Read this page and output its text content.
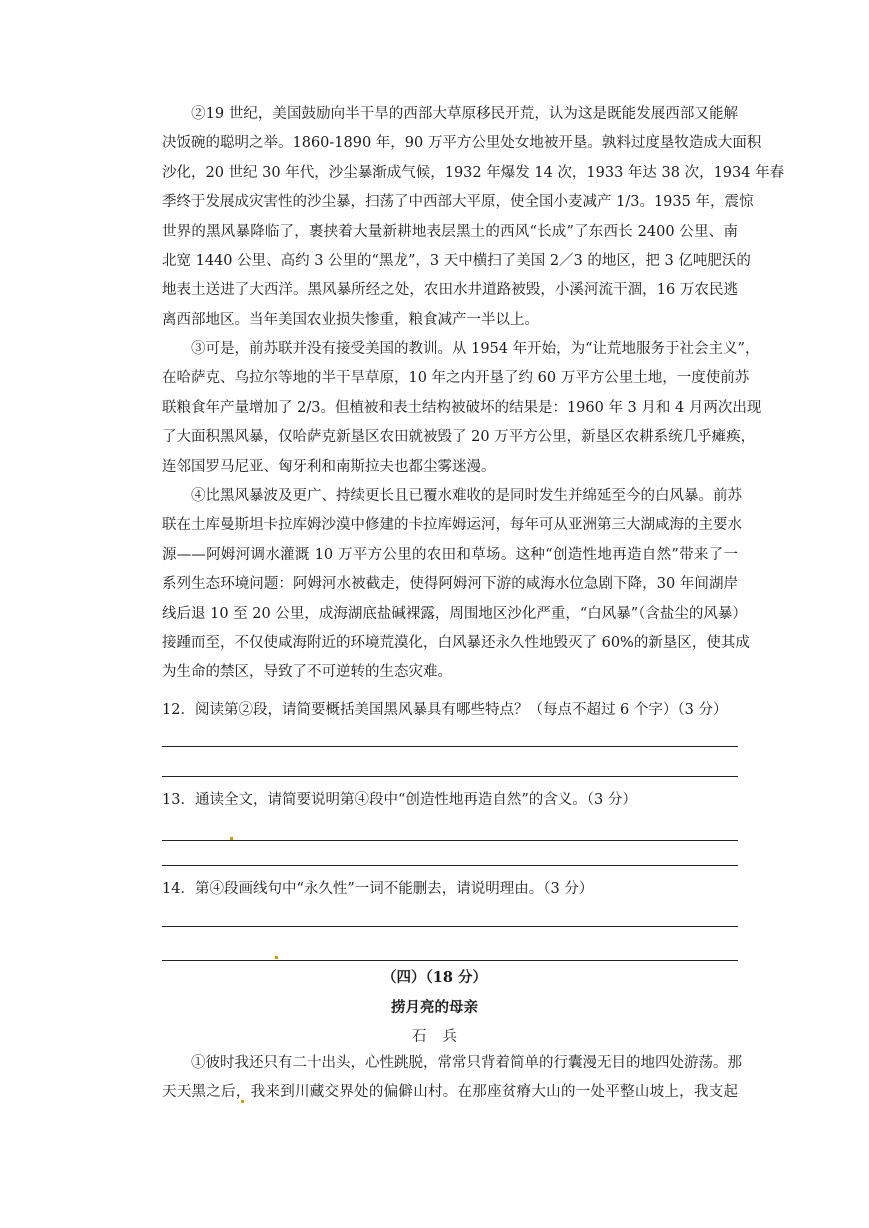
　　②19 世纪，美国鼓励向半干旱的西部大草原移民开荒，认为这是既能发展西部又能解
决饭碗的聪明之举。1860-1890 年，90 万平方公里处女地被开垦。孰料过度垦牧造成大面积
沙化，20 世纪 30 年代，沙尘暴渐成气候，1932 年爆发 14 次，1933 年达 38 次，1934 年春
季终于发展成灾害性的沙尘暴，扫荡了中西部大平原，使全国小麦减产 1/3。1935 年，震惊
世界的黑风暴降临了，裹挟着大量新耕地表层黑土的西风“长成”了东西长 2400 公里、南
北宽 1440 公里、高约 3 公里的“黑龙”，3 天中横扫了美国 2／3 的地区，把 3 亿吨肥沃的
地表土送进了大西洋。黑风暴所经之处，农田水井道路被毁，小溪河流干涸，16 万农民逃
离西部地区。当年美国农业损失惨重，粮食减产一半以上。
　　③可是，前苏联并没有接受美国的教训。从 1954 年开始，为“让荒地服务于社会主义”，
在哈萨克、乌拉尔等地的半干旱草原，10 年之内开垦了约 60 万平方公里土地，一度使前苏
联粮食年产量增加了 2/3。但植被和表土结构被破坏的结果是：1960 年 3 月和 4 月两次出现
了大面积黑风暴，仅哈萨克新垦区农田就被毁了 20 万平方公里，新垦区农耕系统几乎瘫痪，
连邻国罗马尼亚、匈牙利和南斯拉夫也都尘雾迷漫。
　　④比黑风暴波及更广、持续更长且已覆水难收的是同时发生并绵延至今的白风暴。前苏
联在土库曼斯坦卡拉库姆沙漠中修建的卡拉库姆运河，每年可从亚洲第三大湖咸海的主要水
源——阿姆河调水灌溉 10 万平方公里的农田和草场。这种“创造性地再造自然”带来了一
系列生态环境问题：阿姆河水被截走，使得阿姆河下游的咸海水位急剧下降，30 年间湖岸
线后退 10 至 20 公里，成海湖底盐碱裸露，周围地区沙化严重，“白风暴”（含盐尘的风暴）
接踵而至，不仅使咸海附近的环境荒漠化，白风暴还永久性地毁灭了 60%的新垦区，使其成
为生命的禁区，导致了不可逆转的生态灾难。
12．阅读第②段，请简要概括美国黑风暴具有哪些特点？（每点不超过 6 个字）（3 分）
13．通读全文，请简要说明第④段中“创造性地再造自然”的含义。（3 分）
14．第④段画线句中“永久性”一词不能删去，请说明理由。（3 分）
（四）（18 分）
捞月亮的母亲
石兵
　　①彼时我还只有二十出头，心性跳脱，常常只背着简单的行囊漫无目的地四处游荡。那
天天黑之后，我来到川藏交界处的偏僻山村。在那座贫瘠大山的一处平整山坡上，我支起
